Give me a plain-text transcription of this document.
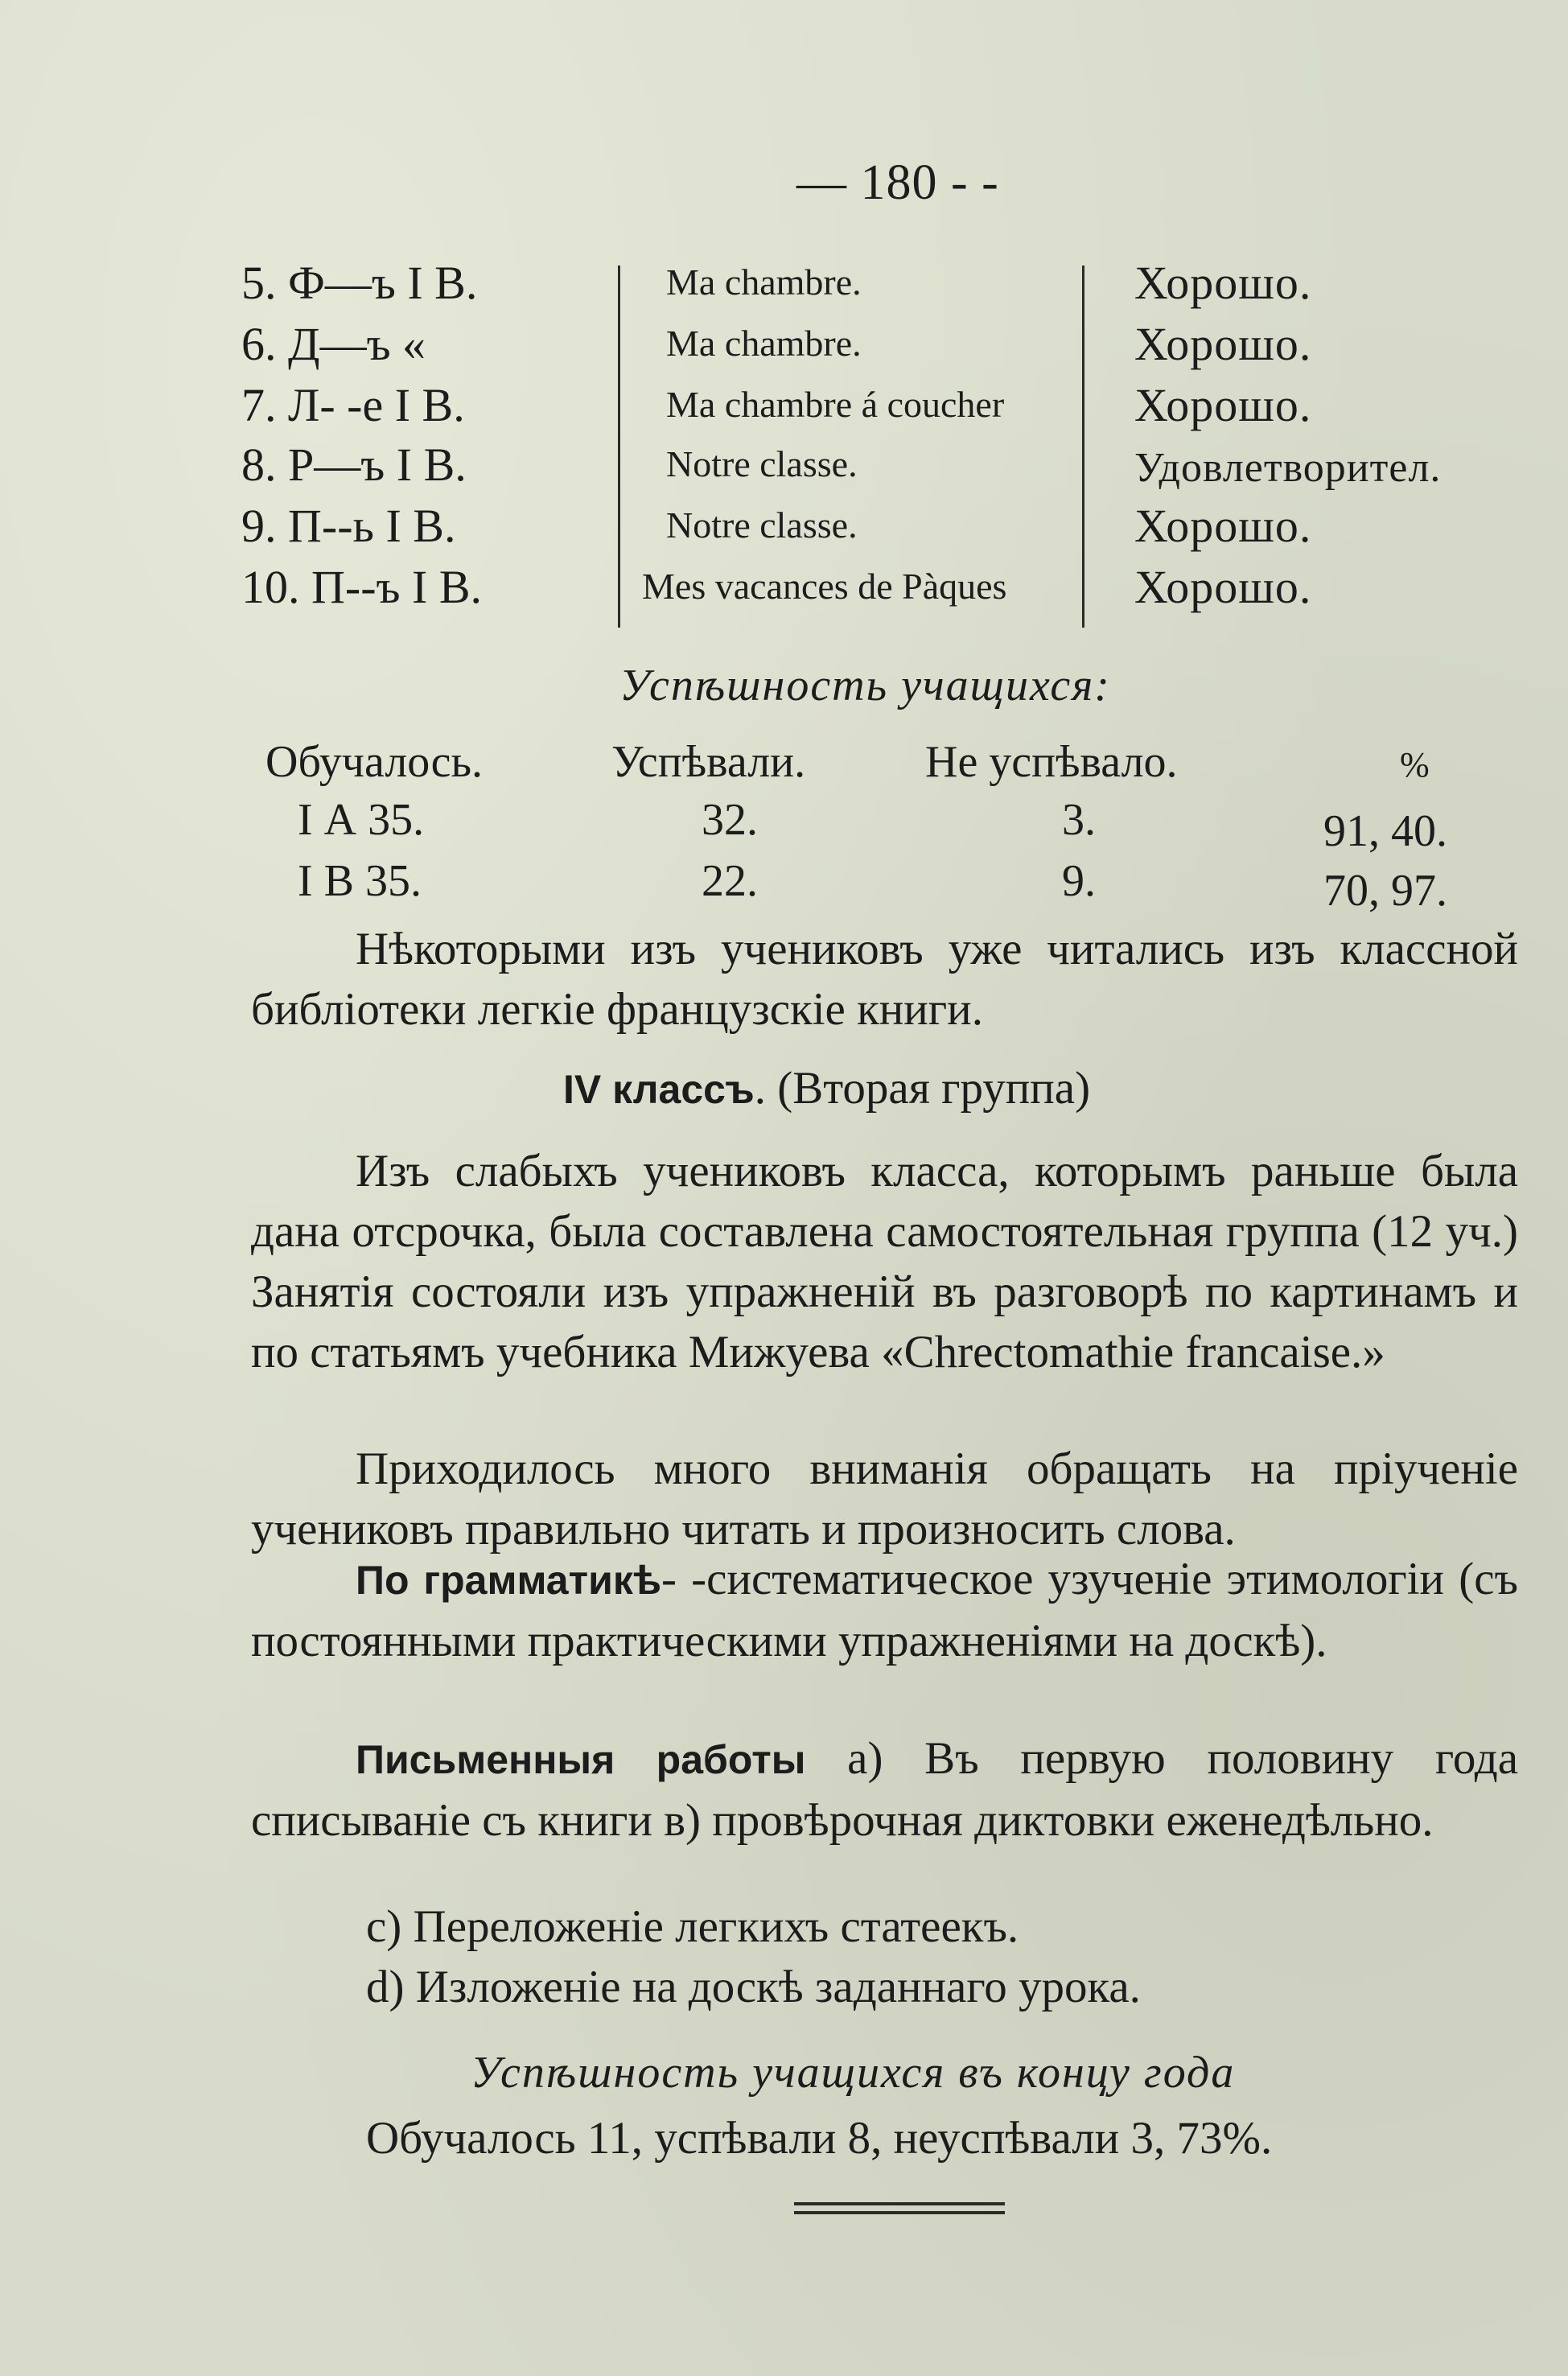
— 180 - -
5. Ф—ъ I В.	Ma chambre.	Хорошо.
6. Д—ъ «	Ma chambre.	Хорошо.
7. Л- -е I В.	Ma chambre á coucher	Хорошо.
8. Р—ъ I В.	Notre classe.	Удовлетворител.
9. П--ь I В.	Notre classe.	Хорошо.
10. П--ъ I В.	Mes vacances de Pàques	Хорошо.
Успѣшность учащихся:
Обучалось.	Успѣвали.	Не успѣвало.	%
I А 35.	32.	3.	91, 40.
I В 35.	22.	9.	70, 97.

Нѣкоторыми изъ учениковъ уже читались изъ классной библіотеки легкіе французскіе книги.

IV классъ. (Вторая группа)

Изъ слабыхъ учениковъ класса, которымъ раньше была дана отсрочка, была составлена самостоятельная группа (12 уч.) Занятія состояли изъ упражненій въ разговорѣ по картинамъ и по статьямъ учебника Мижуева «Chrectomathie francaise.»

Приходилось много вниманія обращать на пріученіе учениковъ правильно читать и произносить слова.

По грамматикѣ- -систематическое узученіе этимологіи (съ постоянными практическими упражненіями на доскѣ).

Письменныя работы а) Въ первую половину года списываніе съ книги в) провѣрочная диктовки еженедѣльно.

с) Переложеніе легкихъ статеекъ.
d) Изложеніе на доскѣ заданнаго урока.
Успѣшность учащихся въ концу года
Обучалось 11, успѣвали 8, неуспѣвали 3, 73%.
